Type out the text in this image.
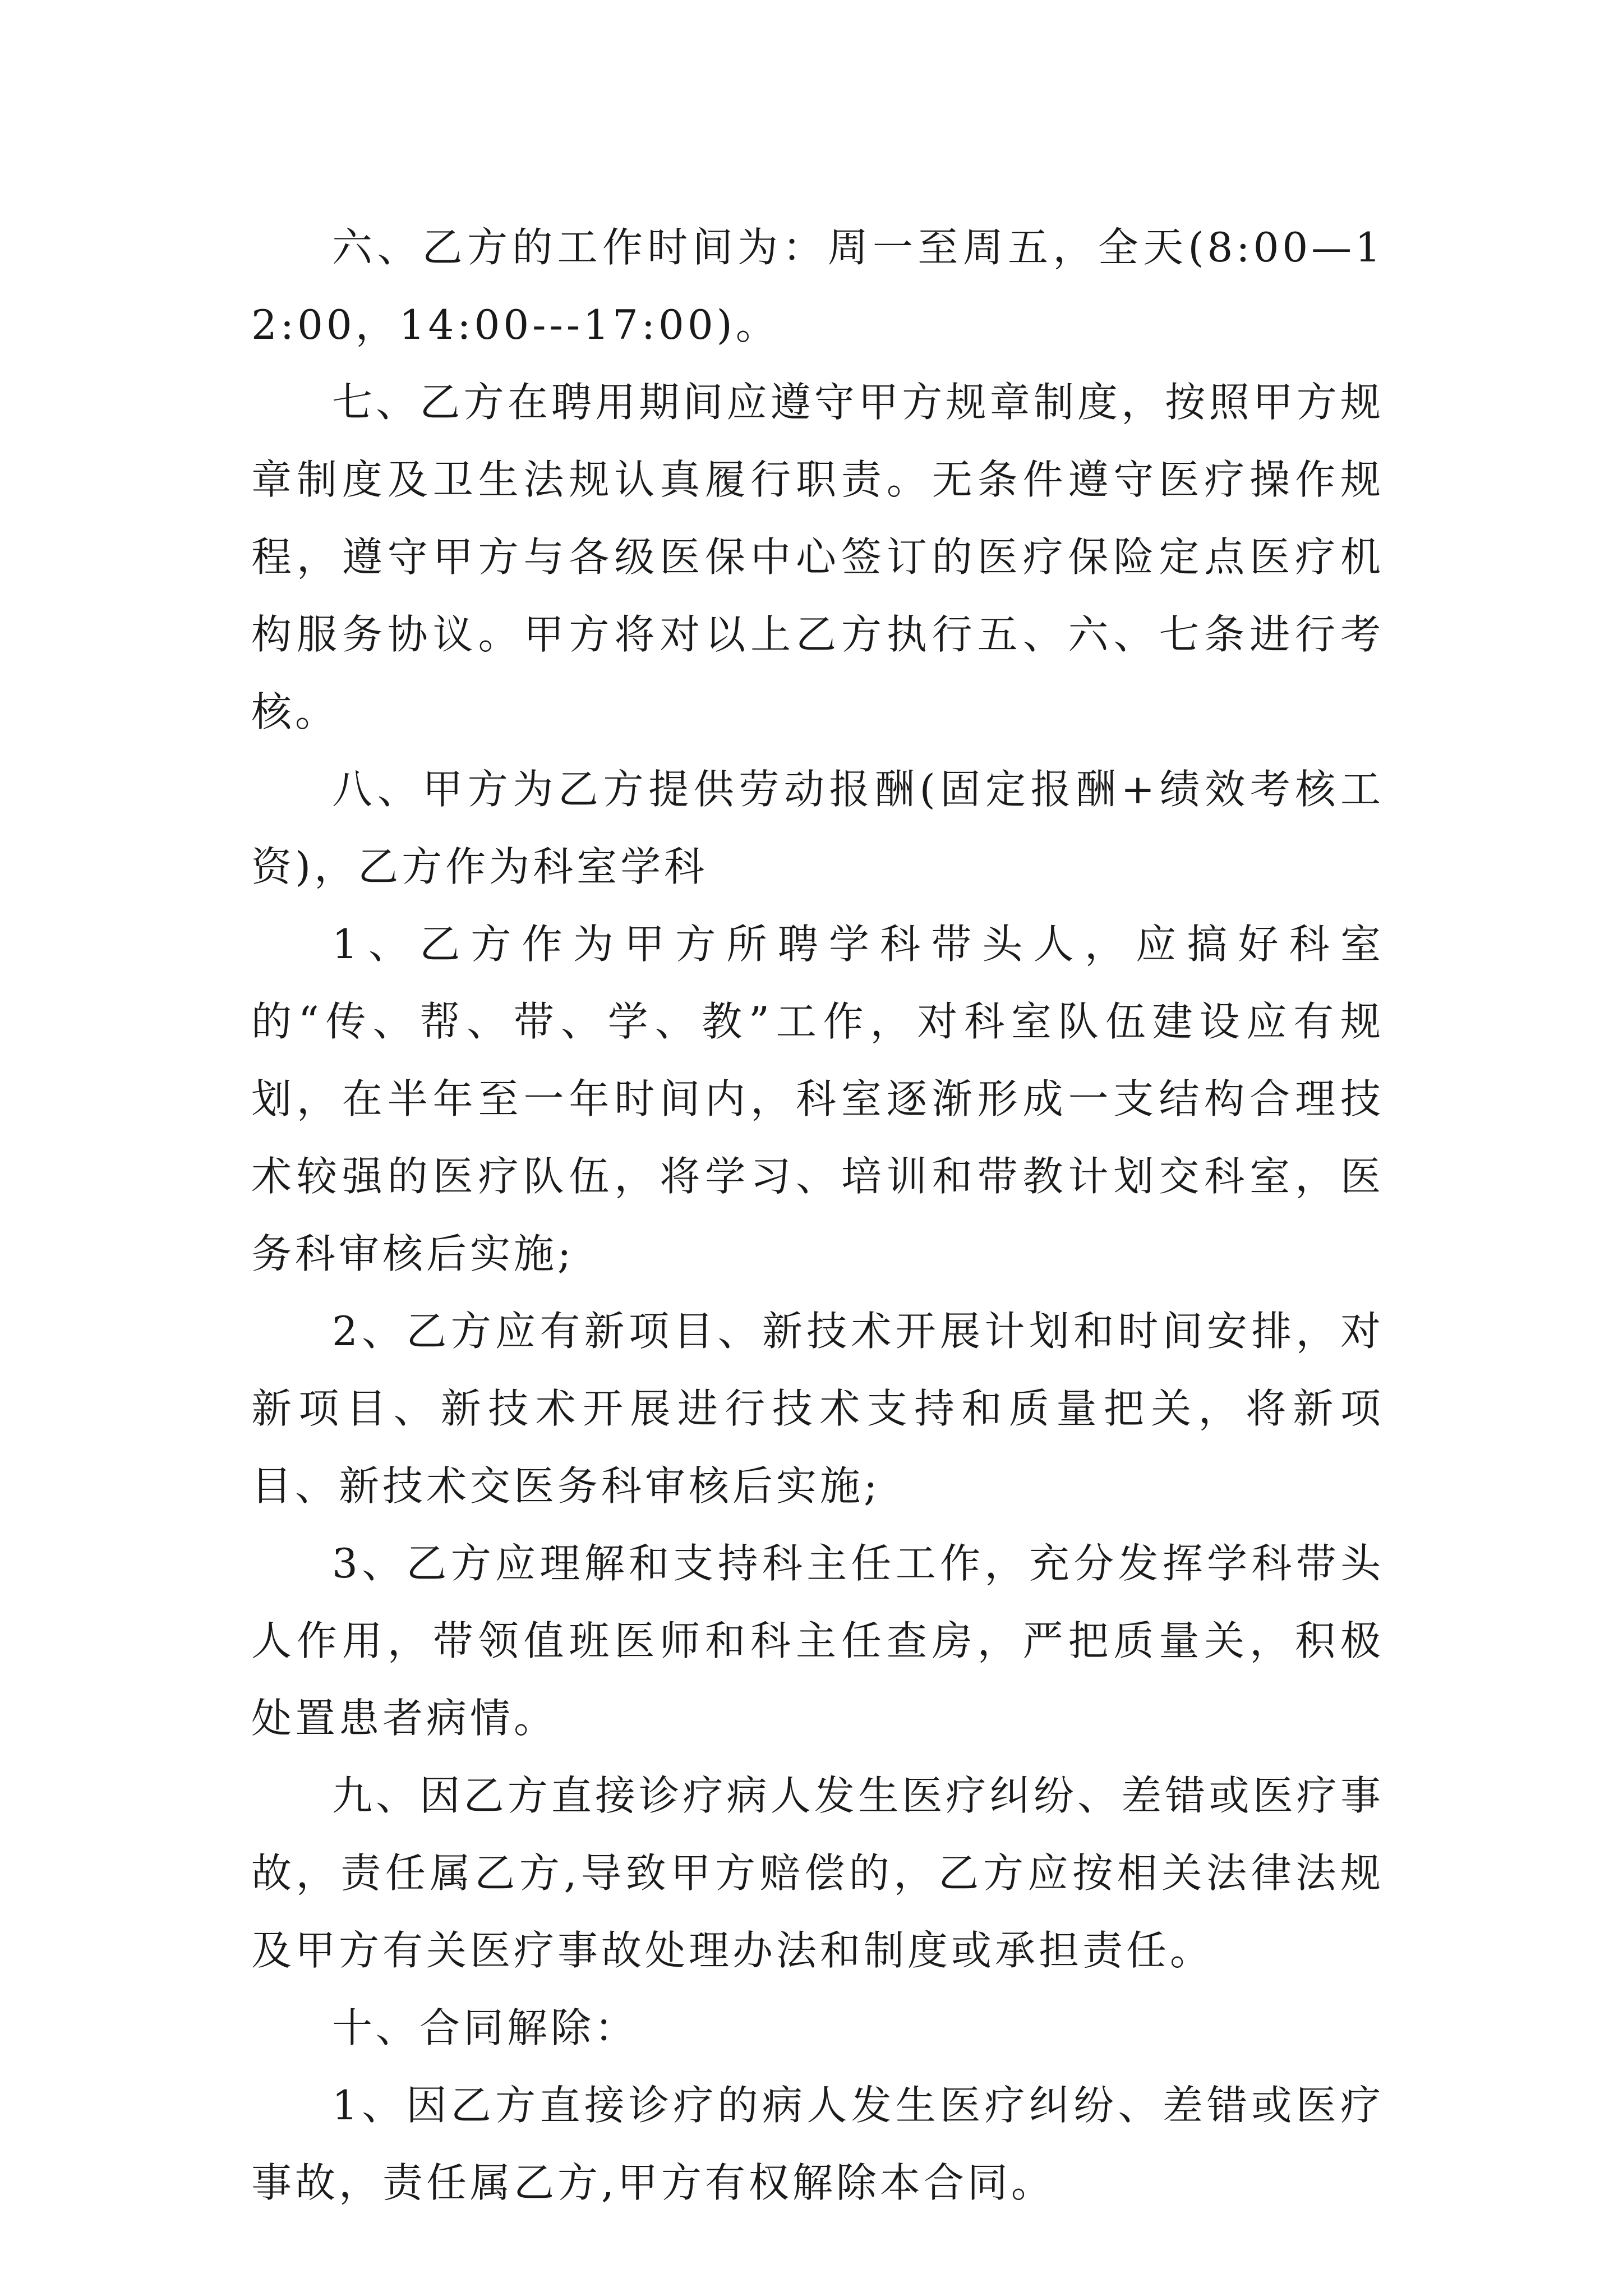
六、乙方的工作时间为：周一至周五，全天(8:00—12:00，14:00---17:00)。

七、乙方在聘用期间应遵守甲方规章制度，按照甲方规章制度及卫生法规认真履行职责。无条件遵守医疗操作规程，遵守甲方与各级医保中心签订的医疗保险定点医疗机构服务协议。甲方将对以上乙方执行五、六、七条进行考核。

八、甲方为乙方提供劳动报酬(固定报酬+绩效考核工资)，乙方作为科室学科

1、乙方作为甲方所聘学科带头人，应搞好科室的“传、帮、带、学、教”工作，对科室队伍建设应有规划，在半年至一年时间内，科室逐渐形成一支结构合理技术较强的医疗队伍，将学习、培训和带教计划交科室，医务科审核后实施;

2、乙方应有新项目、新技术开展计划和时间安排，对新项目、新技术开展进行技术支持和质量把关，将新项目、新技术交医务科审核后实施;

3、乙方应理解和支持科主任工作，充分发挥学科带头人作用，带领值班医师和科主任查房，严把质量关，积极处置患者病情。

九、因乙方直接诊疗病人发生医疗纠纷、差错或医疗事故，责任属乙方,导致甲方赔偿的，乙方应按相关法律法规及甲方有关医疗事故处理办法和制度或承担责任。

十、合同解除：

1、因乙方直接诊疗的病人发生医疗纠纷、差错或医疗事故，责任属乙方,甲方有权解除本合同。
